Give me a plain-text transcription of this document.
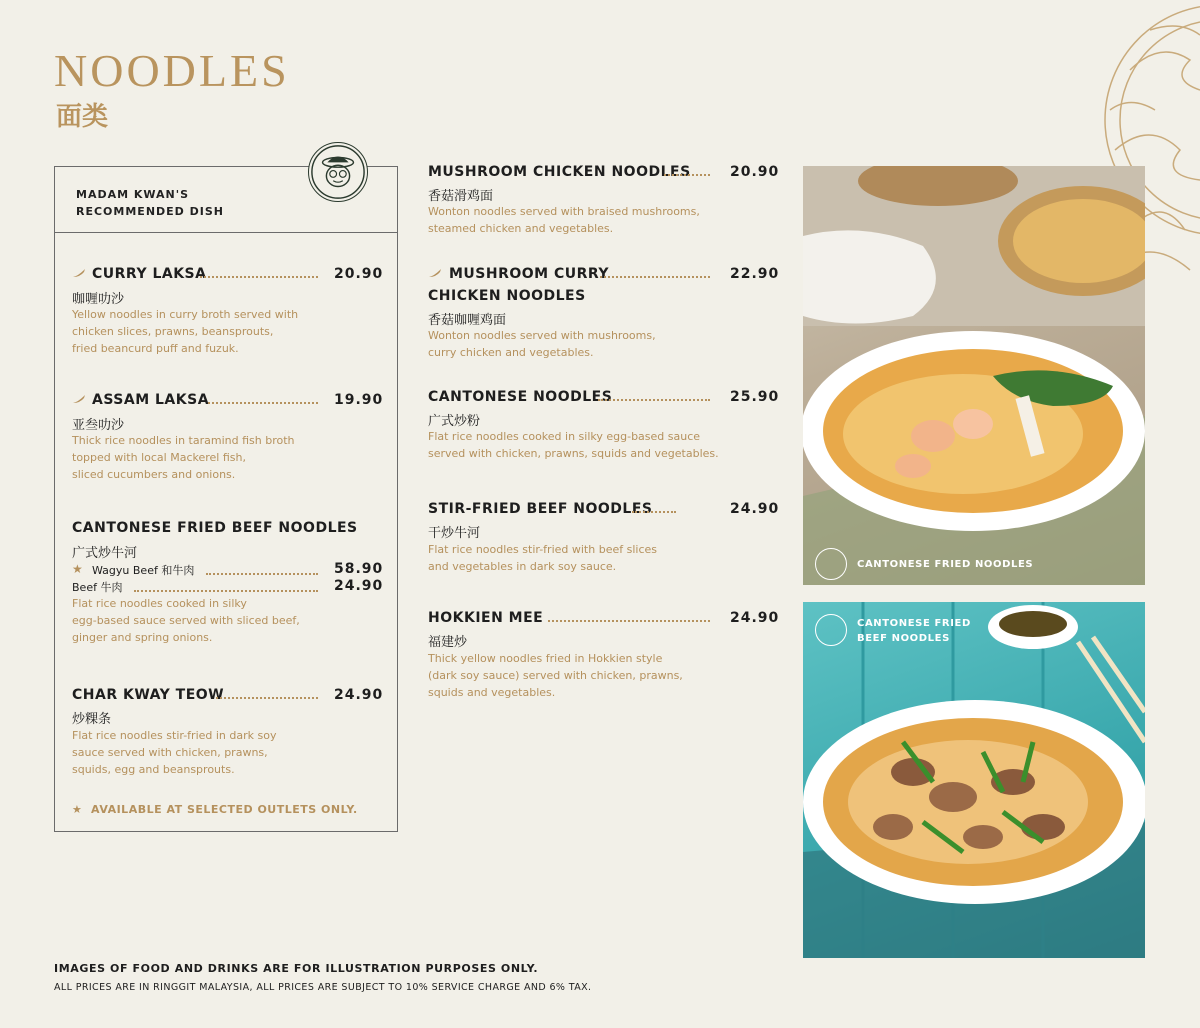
NOODLES
面类
MADAM KWAN'S
RECOMMENDED DISH
CURRY LAKSA	20.90
咖喱叻沙
Yellow noodles in curry broth served with
chicken slices, prawns, beansprouts,
fried beancurd puff and fuzuk.
ASSAM LAKSA	19.90
亚叁叻沙
Thick rice noodles in taramind fish broth
topped with local Mackerel fish,
sliced cucumbers and onions.
CANTONESE FRIED BEEF NOODLES
广式炒牛河
★ Wagyu Beef 和牛肉	58.90
Beef 牛肉	24.90
Flat rice noodles cooked in silky
egg-based sauce served with sliced beef,
ginger and spring onions.
CHAR KWAY TEOW	24.90
炒粿条
Flat rice noodles stir-fried in dark soy
sauce served with chicken, prawns,
squids, egg and beansprouts.
★ AVAILABLE AT SELECTED OUTLETS ONLY.
MUSHROOM CHICKEN NOODLES	20.90
香菇滑鸡面
Wonton noodles served with braised mushrooms,
steamed chicken and vegetables.
MUSHROOM CURRY	22.90
CHICKEN NOODLES
香菇咖喱鸡面
Wonton noodles served with mushrooms,
curry chicken and vegetables.
CANTONESE NOODLES	25.90
广式炒粉
Flat rice noodles cooked in silky egg-based sauce
served with chicken, prawns, squids and vegetables.
STIR-FRIED BEEF NOODLES	24.90
干炒牛河
Flat rice noodles stir-fried with beef slices
and vegetables in dark soy sauce.
HOKKIEN MEE	24.90
福建炒
Thick yellow noodles fried in Hokkien style
(dark soy sauce) served with chicken, prawns,
squids and vegetables.
CANTONESE FRIED NOODLES
CANTONESE FRIED
BEEF NOODLES
IMAGES OF FOOD AND DRINKS ARE FOR ILLUSTRATION PURPOSES ONLY.
ALL PRICES ARE IN RINGGIT MALAYSIA, ALL PRICES ARE SUBJECT TO 10% SERVICE CHARGE AND 6% TAX.
